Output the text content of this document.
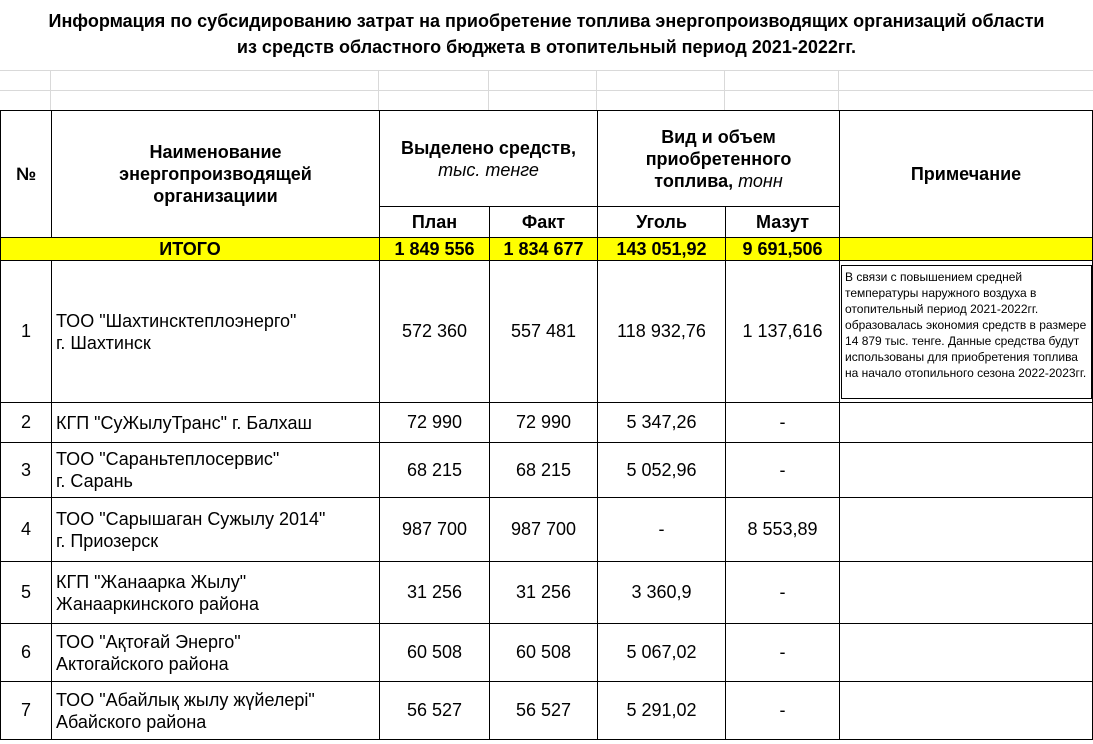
Информация по субсидированию затрат на приобретение топлива энергопроизводящих организаций области
из средств областного бюджета в отопительный период 2021-2022гг.
№	Наименование энергопроизводящей организациии	Выделено средств,
тыс. тенге		Вид и объем приобретенного топлива, тонн		Примечание
		План	Факт	Уголь	Мазут	
ИТОГО		1 849 556	1 834 677	143 051,92	9 691,506	
1	ТОО "Шахтинсктеплоэнерго"
г. Шахтинск	572 360	557 481	118 932,76	1 137,616	В связи с повышением средней температуры наружного воздуха в отопительный период 2021-2022гг. образовалась экономия средств в размере 14 879 тыс. тенге. Данные средства будут использованы для приобретения топлива на начало отопильного сезона 2022-2023гг.

2	КГП "СуЖылуТранс" г. Балхаш	72 990	72 990	5 347,26	-	
3	ТОО "Сараньтеплосервис"
г. Сарань	68 215	68 215	5 052,96	-	
4	ТОО "Сарышаган Сужылу 2014"
г. Приозерск	987 700	987 700	-	8 553,89	
5	КГП "Жанаарка Жылу"
Жанааркинского района	31 256	31 256	3 360,9	-	
6	ТОО "Ақтоғай Энерго"
Актогайского района	60 508	60 508	5 067,02	-	
7	ТОО "Абайлық жылу жүйелері"
Абайского района	56 527	56 527	5 291,02	-	
